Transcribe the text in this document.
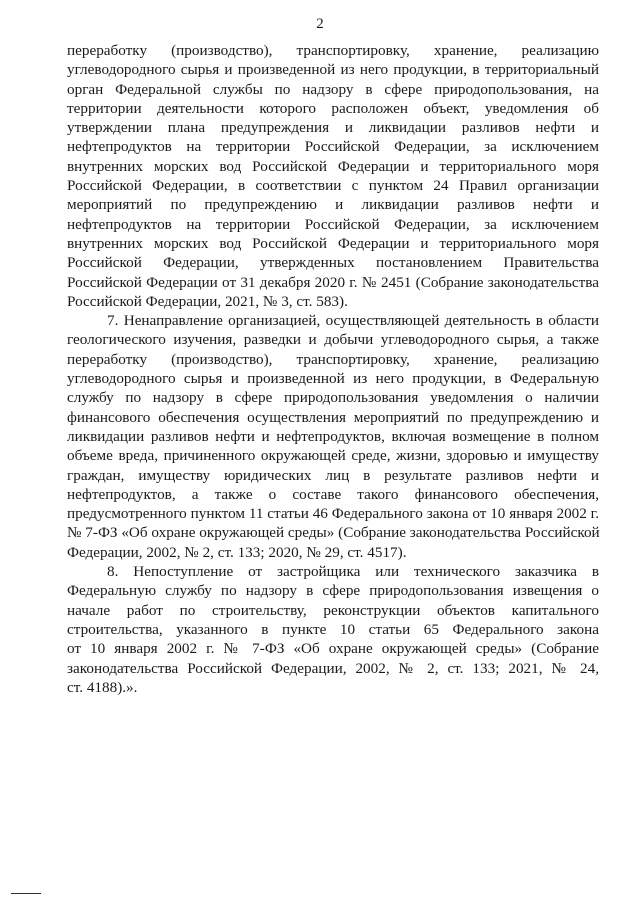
2

переработку (производство), транспортировку, хранение, реализацию
углеводородного сырья и произведенной из него продукции, в территориальный
орган Федеральной службы по надзору в сфере природопользования, на
территории деятельности которого расположен объект, уведомления об
утверждении плана предупреждения и ликвидации разливов нефти и
нефтепродуктов на территории Российской Федерации, за исключением
внутренних морских вод Российской Федерации и территориального моря
Российской Федерации, в соответствии с пунктом 24 Правил организации
мероприятий по предупреждению и ликвидации разливов нефти и
нефтепродуктов на территории Российской Федерации, за исключением
внутренних морских вод Российской Федерации и территориального моря
Российской Федерации, утвержденных постановлением Правительства
Российской Федерации от 31 декабря 2020 г. № 2451 (Собрание законодательства
Российской Федерации, 2021, № 3, ст. 583).

7. Ненаправление организацией, осуществляющей деятельность в области
геологического изучения, разведки и добычи углеводородного сырья, а также
переработку (производство), транспортировку, хранение, реализацию
углеводородного сырья и произведенной из него продукции, в Федеральную
службу по надзору в сфере природопользования уведомления о наличии
финансового обеспечения осуществления мероприятий по предупреждению и
ликвидации разливов нефти и нефтепродуктов, включая возмещение в полном
объеме вреда, причиненного окружающей среде, жизни, здоровью и имуществу
граждан, имуществу юридических лиц в результате разливов нефти и
нефтепродуктов, а также о составе такого финансового обеспечения,
предусмотренного пунктом 11 статьи 46 Федерального закона от 10 января 2002 г.
№ 7-ФЗ «Об охране окружающей среды» (Собрание законодательства Российской
Федерации, 2002, № 2, ст. 133; 2020, № 29, ст. 4517).

8. Непоступление от застройщика или технического заказчика в
Федеральную службу по надзору в сфере природопользования извещения о
начале работ по строительству, реконструкции объектов капитального
строительства, указанного в пункте 10 статьи 65 Федерального закона
от 10 января 2002 г. № 7-ФЗ «Об охране окружающей среды» (Собрание
законодательства Российской Федерации, 2002, № 2, ст. 133; 2021, № 24,
ст. 4188).».
